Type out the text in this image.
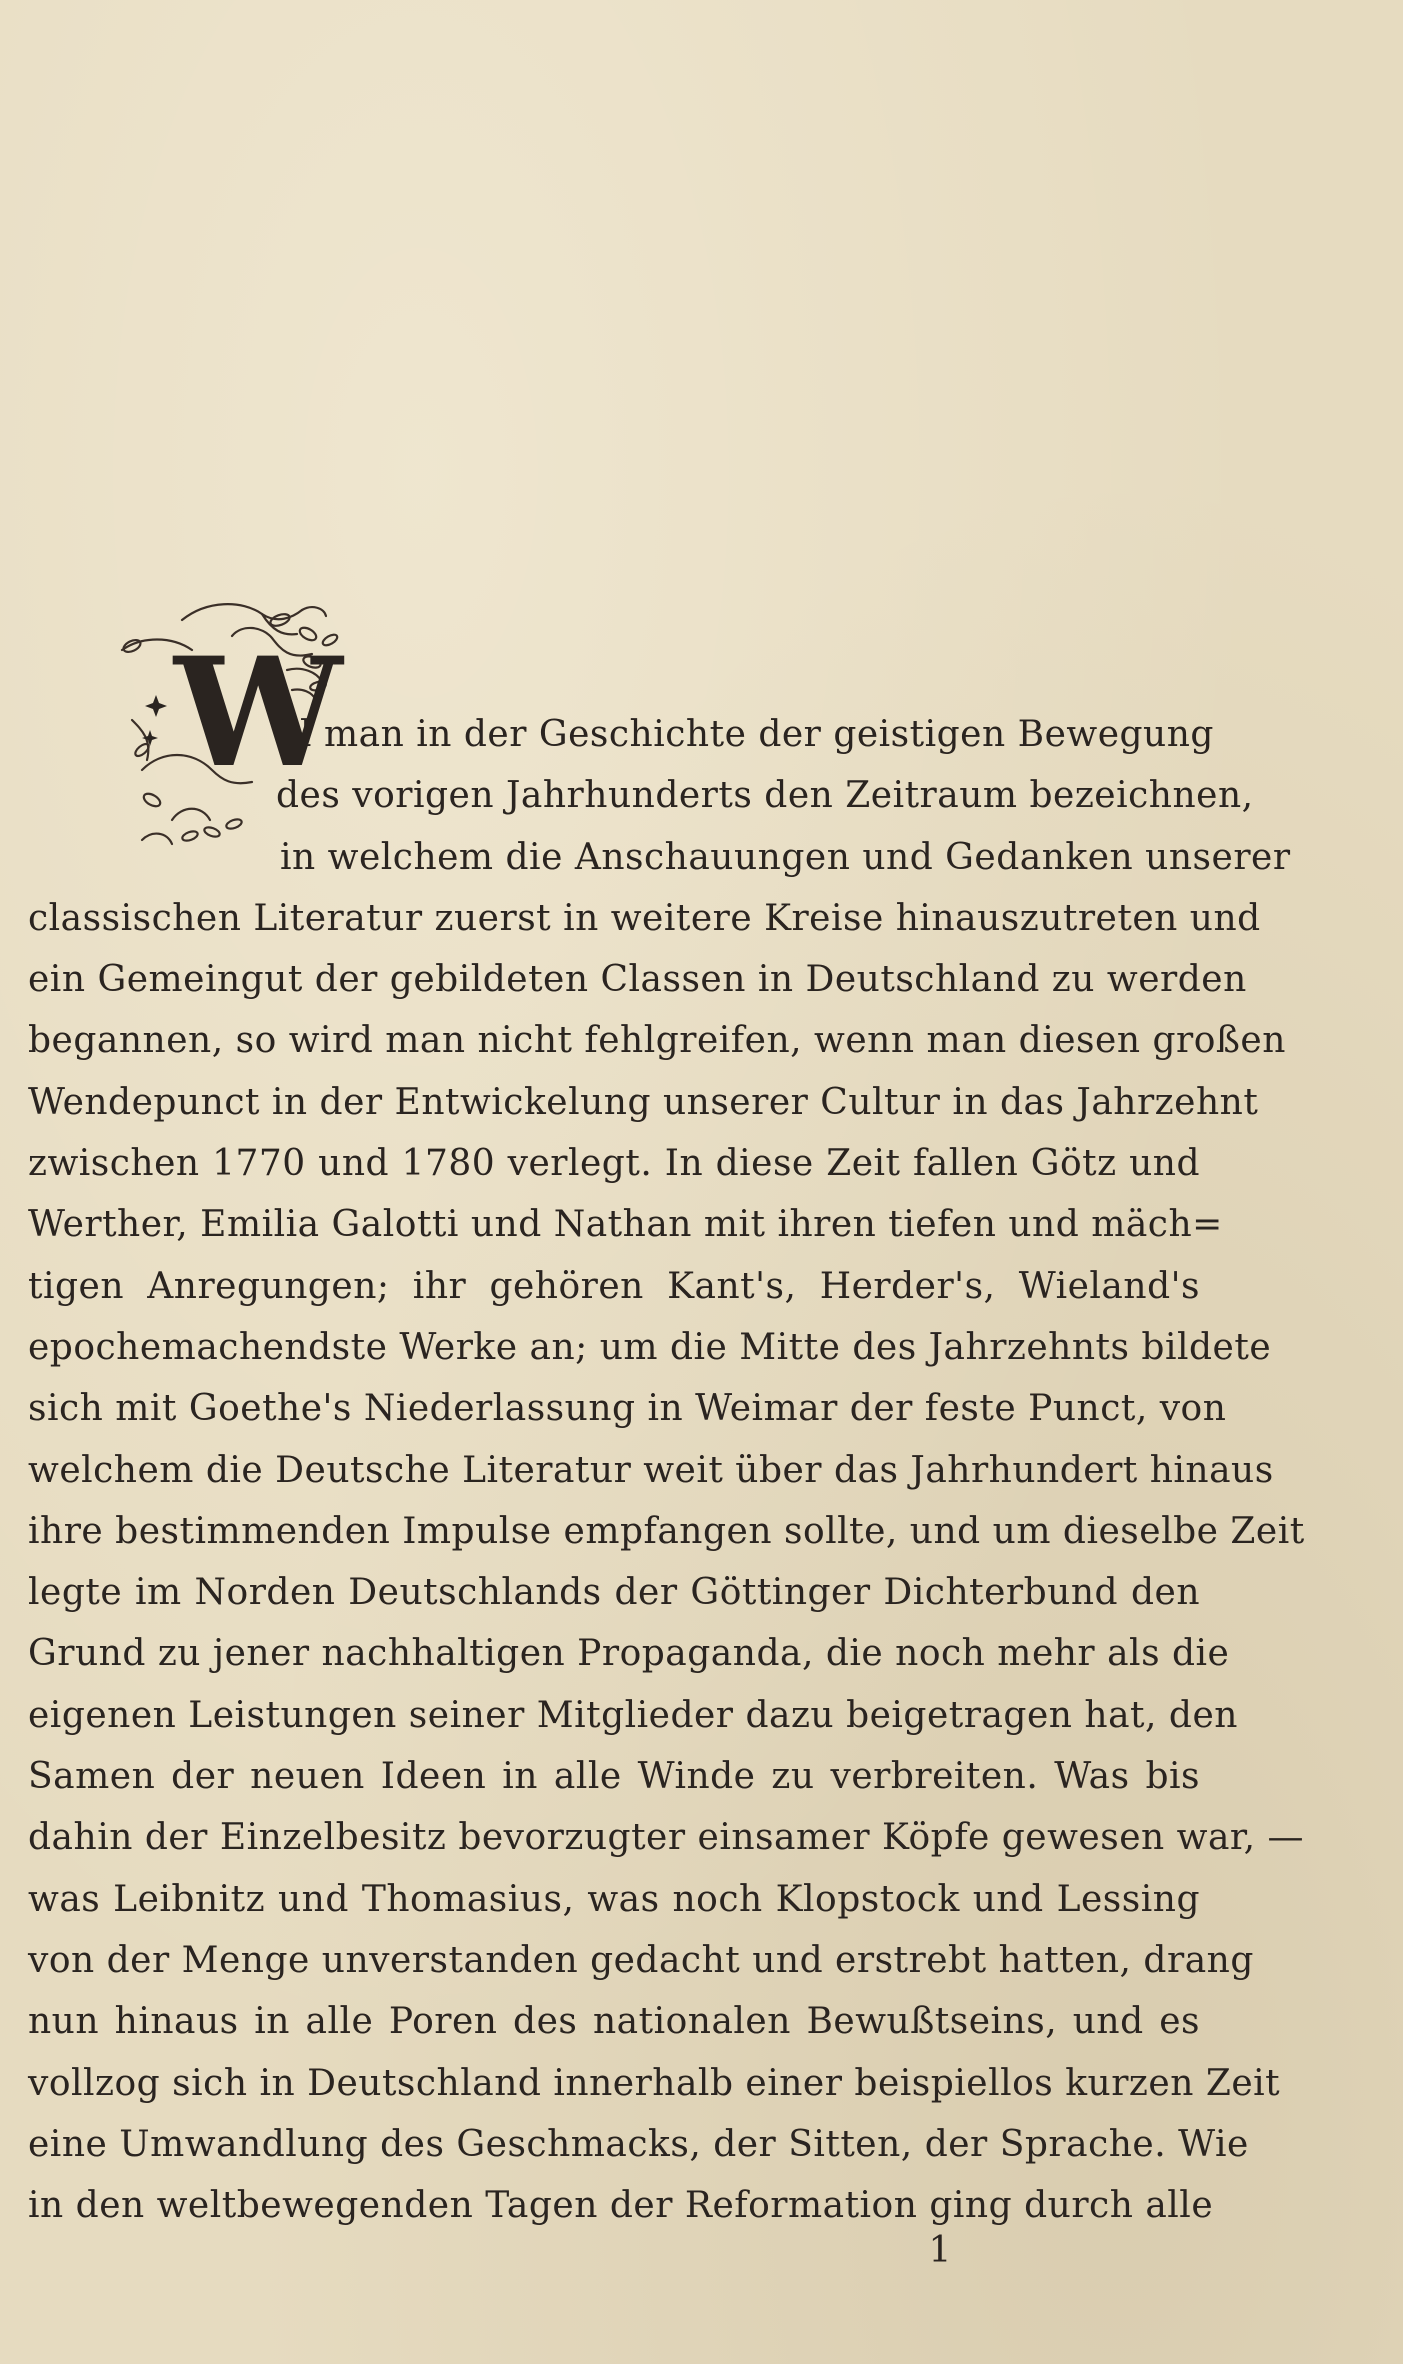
W
ill man in der Geschichte der geistigen Bewegung
des vorigen Jahrhunderts den Zeitraum bezeichnen,
in welchem die Anschauungen und Gedanken unserer
classischen Literatur zuerst in weitere Kreise hinauszutreten und
ein Gemeingut der gebildeten Classen in Deutschland zu werden
begannen, so wird man nicht fehlgreifen, wenn man diesen großen
Wendepunct in der Entwickelung unserer Cultur in das Jahrzehnt
zwischen 1770 und 1780 verlegt. In diese Zeit fallen Götz und
Werther, Emilia Galotti und Nathan mit ihren tiefen und mäch=
tigen Anregungen; ihr gehören Kant's, Herder's, Wieland's
epochemachendste Werke an; um die Mitte des Jahrzehnts bildete
sich mit Goethe's Niederlassung in Weimar der feste Punct, von
welchem die Deutsche Literatur weit über das Jahrhundert hinaus
ihre bestimmenden Impulse empfangen sollte, und um dieselbe Zeit
legte im Norden Deutschlands der Göttinger Dichterbund den
Grund zu jener nachhaltigen Propaganda, die noch mehr als die
eigenen Leistungen seiner Mitglieder dazu beigetragen hat, den
Samen der neuen Ideen in alle Winde zu verbreiten. Was bis
dahin der Einzelbesitz bevorzugter einsamer Köpfe gewesen war, —
was Leibnitz und Thomasius, was noch Klopstock und Lessing
von der Menge unverstanden gedacht und erstrebt hatten, drang
nun hinaus in alle Poren des nationalen Bewußtseins, und es
vollzog sich in Deutschland innerhalb einer beispiellos kurzen Zeit
eine Umwandlung des Geschmacks, der Sitten, der Sprache. Wie
in den weltbewegenden Tagen der Reformation ging durch alle
1
